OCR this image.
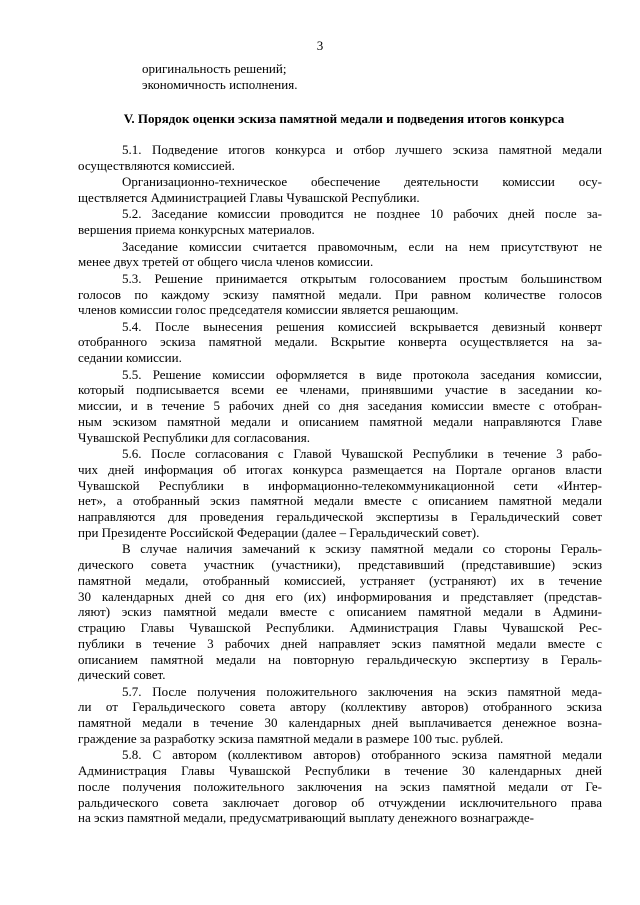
3
оригинальность решений;
экономичность исполнения.
V. Порядок оценки эскиза памятной медали и подведения итогов конкурса
5.1. Подведение итогов конкурса и отбор лучшего эскиза памятной медали
осуществляются комиссией.
Организационно-техническое обеспечение деятельности комиссии осу-
ществляется Администрацией Главы Чувашской Республики.
5.2. Заседание комиссии проводится не позднее 10 рабочих дней после за-
вершения приема конкурсных материалов.
Заседание комиссии считается правомочным, если на нем присутствуют не
менее двух третей от общего числа членов комиссии.
5.3. Решение принимается открытым голосованием простым большинством
голосов по каждому эскизу памятной медали. При равном количестве голосов
членов комиссии голос председателя комиссии является решающим.
5.4. После вынесения решения комиссией вскрывается девизный конверт
отобранного эскиза памятной медали. Вскрытие конверта осуществляется на за-
седании комиссии.
5.5. Решение комиссии оформляется в виде протокола заседания комиссии,
который подписывается всеми ее членами, принявшими участие в заседании ко-
миссии, и в течение 5 рабочих дней со дня заседания комиссии вместе с отобран-
ным эскизом памятной медали и описанием памятной медали направляются Главе
Чувашской Республики для согласования.
5.6. После согласования с Главой Чувашской Республики в течение 3 рабо-
чих дней информация об итогах конкурса размещается на Портале органов власти
Чувашской Республики в информационно-телекоммуникационной сети «Интер-
нет», а отобранный эскиз памятной медали вместе с описанием памятной медали
направляются для проведения геральдической экспертизы в Геральдический совет
при Президенте Российской Федерации (далее – Геральдический совет).
В случае наличия замечаний к эскизу памятной медали со стороны Гераль-
дического совета участник (участники), представивший (представившие) эскиз
памятной медали, отобранный комиссией, устраняет (устраняют) их в течение
30 календарных дней со дня его (их) информирования и представляет (представ-
ляют) эскиз памятной медали вместе с описанием памятной медали в Админи-
страцию Главы Чувашской Республики. Администрация Главы Чувашской Рес-
публики в течение 3 рабочих дней направляет эскиз памятной медали вместе с
описанием памятной медали на повторную геральдическую экспертизу в Гераль-
дический совет.
5.7. После получения положительного заключения на эскиз памятной меда-
ли от Геральдического совета автору (коллективу авторов) отобранного эскиза
памятной медали в течение 30 календарных дней выплачивается денежное возна-
граждение за разработку эскиза памятной медали в размере 100 тыс. рублей.
5.8. С автором (коллективом авторов) отобранного эскиза памятной медали
Администрация Главы Чувашской Республики в течение 30 календарных дней
после получения положительного заключения на эскиз памятной медали от Ге-
ральдического совета заключает договор об отчуждении исключительного права
на эскиз памятной медали, предусматривающий выплату денежного вознагражде-
